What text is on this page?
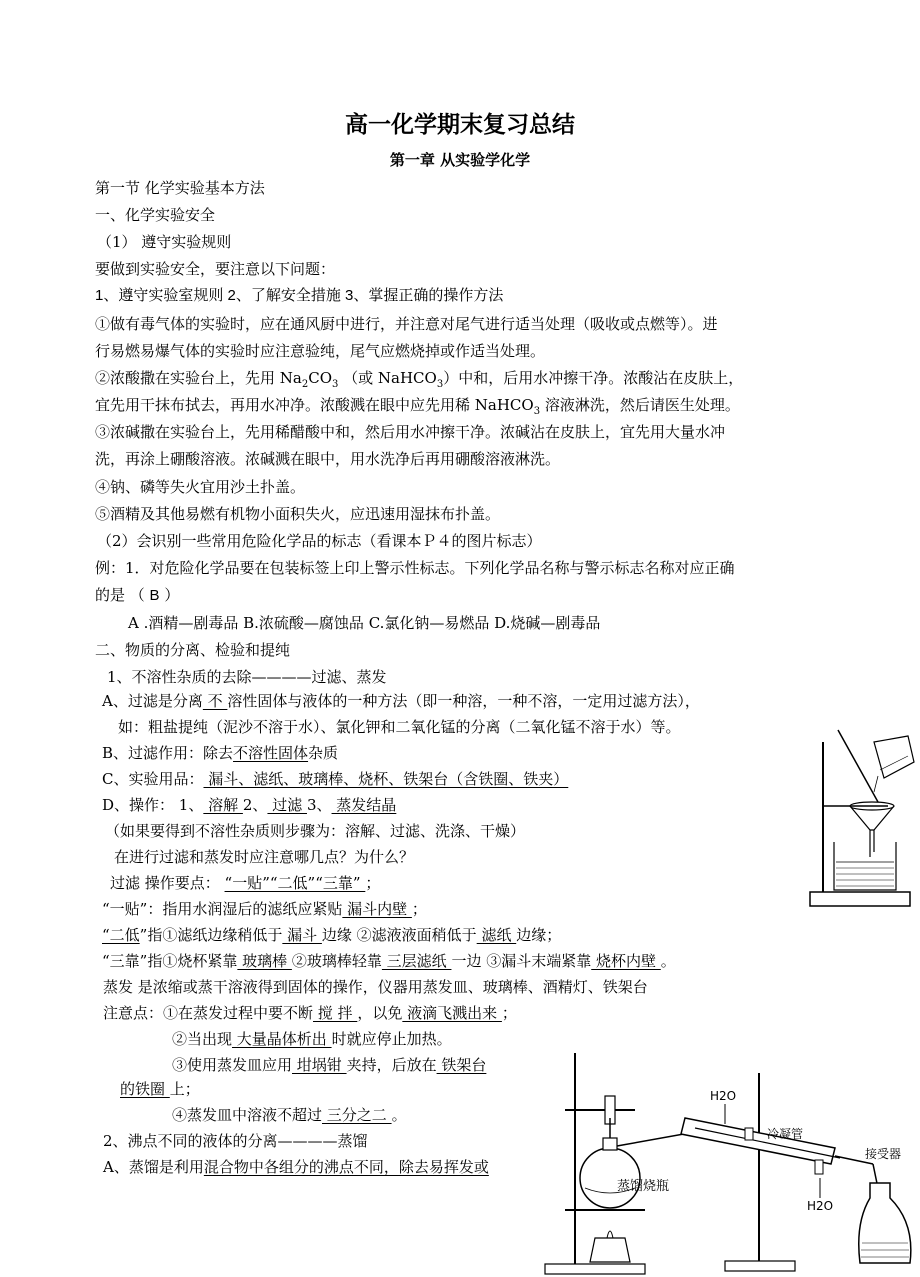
高一化学期末复习总结
第一章 从实验学化学
第一节 化学实验基本方法
一、化学实验安全
（1） 遵守实验规则
要做到实验安全，要注意以下问题：
1、遵守实验室规则 2、了解安全措施 3、掌握正确的操作方法
①做有毒气体的实验时，应在通风厨中进行，并注意对尾气进行适当处理（吸收或点燃等）。进
行易燃易爆气体的实验时应注意验纯，尾气应燃烧掉或作适当处理。
②浓酸撒在实验台上，先用 $Na_2CO_3$ （或 NaHCO$_3$）中和，后用水冲擦干净。浓酸沾在皮肤上，
宜先用干抹布拭去，再用水冲净。浓酸溅在眼中应先用稀 NaHCO$_3$ 溶液淋洗，然后请医生处理。
③浓碱撒在实验台上，先用稀醋酸中和，然后用水冲擦干净。浓碱沾在皮肤上，宜先用大量水冲
洗，再涂上硼酸溶液。浓碱溅在眼中，用水洗净后再用硼酸溶液淋洗。
④钠、磷等失火宜用沙土扑盖。
⑤酒精及其他易燃有机物小面积失火，应迅速用湿抹布扑盖。
（2）会识别一些常用危险化学品的标志（看课本Ｐ４的图片标志）
例：1．对危险化学品要在包装标签上印上警示性标志。下列化学品名称与警示标志名称对应正确
的是 （ B ）
A .酒精—剧毒品 B.浓硫酸—腐蚀品 C.氯化钠—易燃品 D.烧碱—剧毒品
二、物质的分离、检验和提纯
1、不溶性杂质的去除————过滤、蒸发
A、过滤是分离 不 溶性固体与液体的一种方法（即一种溶，一种不溶，一定用过滤方法），
如：粗盐提纯（泥沙不溶于水）、氯化钾和二氧化锰的分离（二氧化锰不溶于水）等。
B、过滤作用：除去不溶性固体杂质
C、实验用品： 漏斗、滤纸、玻璃棒、烧杯、铁架台（含铁圈、铁夹）
D、操作： 1、 溶解 2、 过滤 3、 蒸发结晶
（如果要得到不溶性杂质则步骤为：溶解、过滤、洗涤、干燥）
在进行过滤和蒸发时应注意哪几点？为什么？
过滤 操作要点： “一贴”“二低”“三靠” ；
“一贴”：指用水润湿后的滤纸应紧贴 漏斗内壁 ；
“二低”指①滤纸边缘稍低于 漏斗 边缘 ②滤液液面稍低于 滤纸 边缘；
“三靠”指①烧杯紧靠 玻璃棒 ②玻璃棒轻靠 三层滤纸 一边 ③漏斗末端紧靠 烧杯内壁 。
蒸发 是浓缩或蒸干溶液得到固体的操作，仪器用蒸发皿、玻璃棒、酒精灯、铁架台
注意点：①在蒸发过程中要不断 搅 拌 ，以免 液滴飞溅出来 ；
②当出现 大量晶体析出 时就应停止加热。
③使用蒸发皿应用 坩埚钳 夹持，后放在 铁架台
的铁圈 上；
④蒸发皿中溶液不超过 三分之二 。
2、沸点不同的液体的分离————蒸馏
A、蒸馏是利用混合物中各组分的沸点不同，除去易挥发或
H2O
冷凝管
接受器
蒸馏烧瓶
H2O
